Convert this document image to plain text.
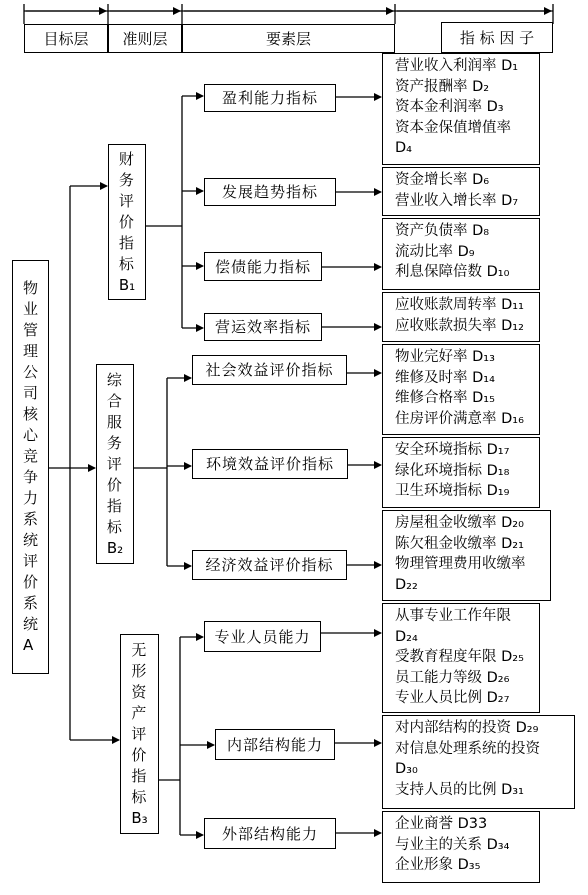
目标层 准则层	要素层	指 标 因 子
物
业
管
理
公
司
核
心
竞
争
力
系
统
评
价
系
统
A
财
务
评
价
指
标
B₁
综
合
服
务
评
价
指
标
B₂
无
形
资
产
评
价
指
标
B₃
盈利能力指标
发展趋势指标
偿债能力指标
营运效率指标
社会效益评价指标
环境效益评价指标
经济效益评价指标
专业人员能力
内部结构能力
外部结构能力
营业收入利润率 D₁
资产报酬率 D₂
资本金利润率 D₃
资本金保值增值率
D₄
资金增长率 D₆
营业收入增长率 D₇
资产负债率 D₈
流动比率 D₉
利息保障倍数 D₁₀
应收账款周转率 D₁₁
应收账款损失率 D₁₂
物业完好率 D₁₃
维修及时率 D₁₄
维修合格率 D₁₅
住房评价满意率 D₁₆
安全环境指标 D₁₇
绿化环境指标 D₁₈
卫生环境指标 D₁₉
房屋租金收缴率 D₂₀
陈欠租金收缴率 D₂₁
物理管理费用收缴率
D₂₂
从事专业工作年限
D₂₄
受教育程度年限 D₂₅
员工能力等级 D₂₆
专业人员比例 D₂₇
对内部结构的投资 D₂₉
对信息处理系统的投资
D₃₀
支持人员的比例 D₃₁
企业商誉 D33
与业主的关系 D₃₄
企业形象 D₃₅
